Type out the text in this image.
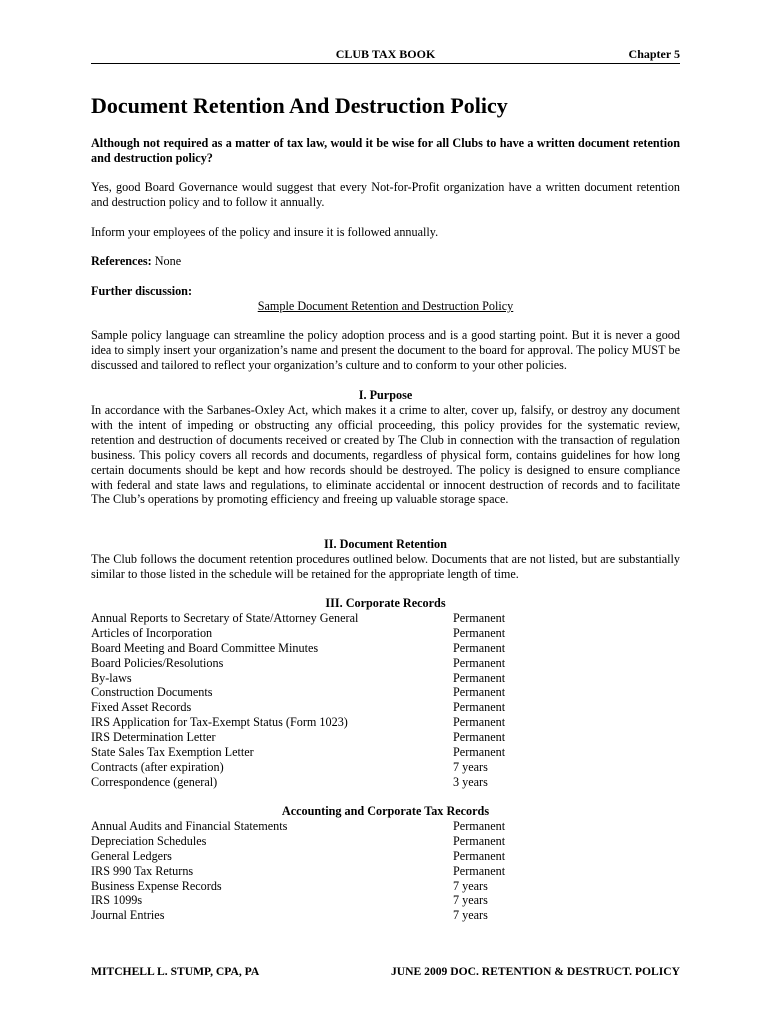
CLUB TAX BOOK	Chapter 5
Document Retention And Destruction Policy

Although not required as a matter of tax law, would it be wise for all Clubs to have a written document retention and destruction policy?

Yes, good Board Governance would suggest that every Not-for-Profit organization have a written document retention and destruction policy and to follow it annually.

Inform your employees of the policy and insure it is followed annually.

References: None

Further discussion:

Sample Document Retention and Destruction Policy

Sample policy language can streamline the policy adoption process and is a good starting point. But it is never a good idea to simply insert your organization’s name and present the document to the board for approval. The policy MUST be discussed and tailored to reflect your organization’s culture and to conform to your other policies.

I. Purpose

In accordance with the Sarbanes-Oxley Act, which makes it a crime to alter, cover up, falsify, or destroy any document with the intent of impeding or obstructing any official proceeding, this policy provides for the systematic review, retention and destruction of documents received or created by The Club in connection with the transaction of regulation business. This policy covers all records and documents, regardless of physical form, contains guidelines for how long certain documents should be kept and how records should be destroyed. The policy is designed to ensure compliance with federal and state laws and regulations, to eliminate accidental or innocent destruction of records and to facilitate The Club’s operations by promoting efficiency and freeing up valuable storage space.

II. Document Retention

The Club follows the document retention procedures outlined below. Documents that are not listed, but are substantially similar to those listed in the schedule will be retained for the appropriate length of time.

III. Corporate Records
Annual Reports to Secretary of State/Attorney General	Permanent
Articles of Incorporation	Permanent
Board Meeting and Board Committee Minutes	Permanent
Board Policies/Resolutions	Permanent
By-laws	Permanent
Construction Documents	Permanent
Fixed Asset Records	Permanent
IRS Application for Tax-Exempt Status (Form 1023)	Permanent
IRS Determination Letter	Permanent
State Sales Tax Exemption Letter	Permanent
Contracts (after expiration)	7 years
Correspondence (general)	3 years
Accounting and Corporate Tax Records
Annual Audits and Financial Statements	Permanent
Depreciation Schedules	Permanent
General Ledgers	Permanent
IRS 990 Tax Returns	Permanent
Business Expense Records	7 years
IRS 1099s	7 years
Journal Entries	7 years
MITCHELL L. STUMP, CPA, PA	JUNE 2009 DOC. RETENTION & DESTRUCT. POLICY
